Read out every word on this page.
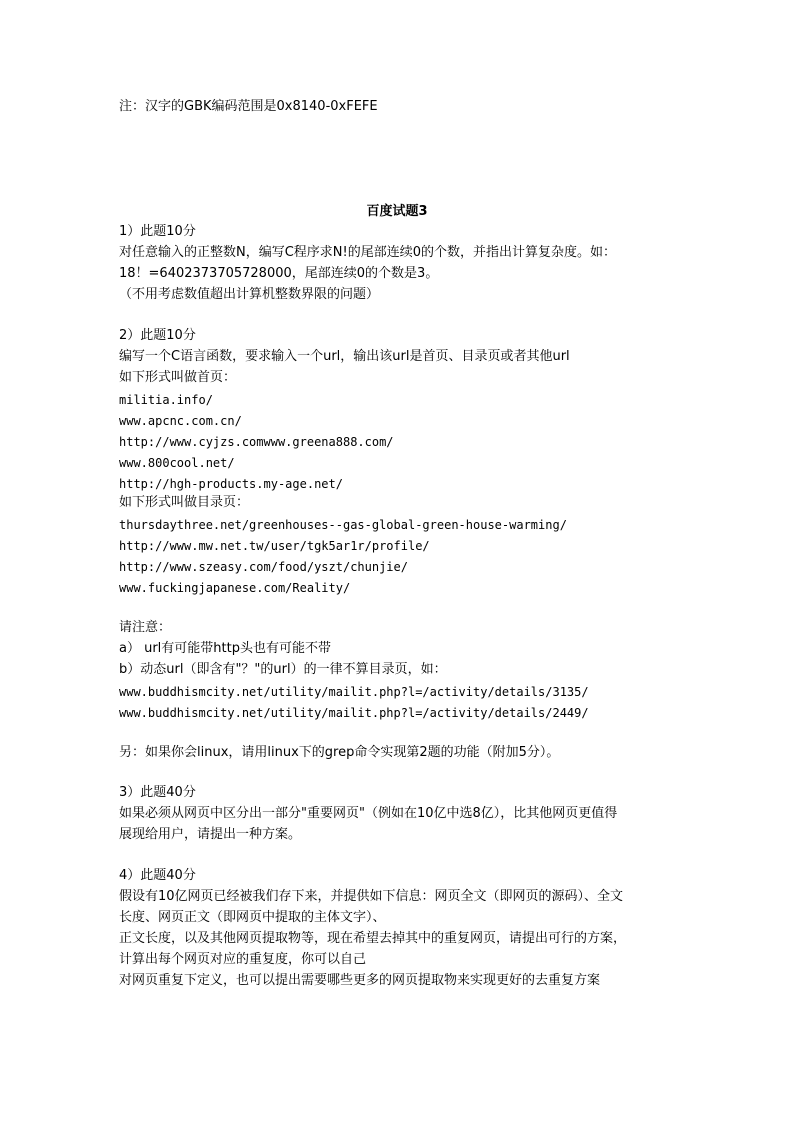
注：汉字的GBK编码范围是0x8140-0xFEFE
百度试题3
1）此题10分
对任意输入的正整数N，编写C程序求N!的尾部连续0的个数，并指出计算复杂度。如：
18！=6402373705728000，尾部连续0的个数是3。
（不用考虑数值超出计算机整数界限的问题）
2）此题10分
编写一个C语言函数，要求输入一个url，输出该url是首页、目录页或者其他url
如下形式叫做首页：
militia.info/
www.apcnc.com.cn/
http://www.cyjzs.comwww.greena888.com/
www.800cool.net/
http://hgh-products.my-age.net/
如下形式叫做目录页：
thursdaythree.net/greenhouses--gas-global-green-house-warming/
http://www.mw.net.tw/user/tgk5ar1r/profile/
http://www.szeasy.com/food/yszt/chunjie/
www.fuckingjapanese.com/Reality/
请注意：
a） url有可能带http头也有可能不带
b）动态url（即含有"？"的url）的一律不算目录页，如：
www.buddhismcity.net/utility/mailit.php?l=/activity/details/3135/
www.buddhismcity.net/utility/mailit.php?l=/activity/details/2449/
另：如果你会linux，请用linux下的grep命令实现第2题的功能（附加5分）。
3）此题40分
如果必须从网页中区分出一部分"重要网页"（例如在10亿中选8亿），比其他网页更值得
展现给用户，请提出一种方案。
4）此题40分
假设有10亿网页已经被我们存下来，并提供如下信息：网页全文（即网页的源码）、全文
长度、网页正文（即网页中提取的主体文字）、
正文长度，以及其他网页提取物等，现在希望去掉其中的重复网页，请提出可行的方案，
计算出每个网页对应的重复度，你可以自己
对网页重复下定义，也可以提出需要哪些更多的网页提取物来实现更好的去重复方案
